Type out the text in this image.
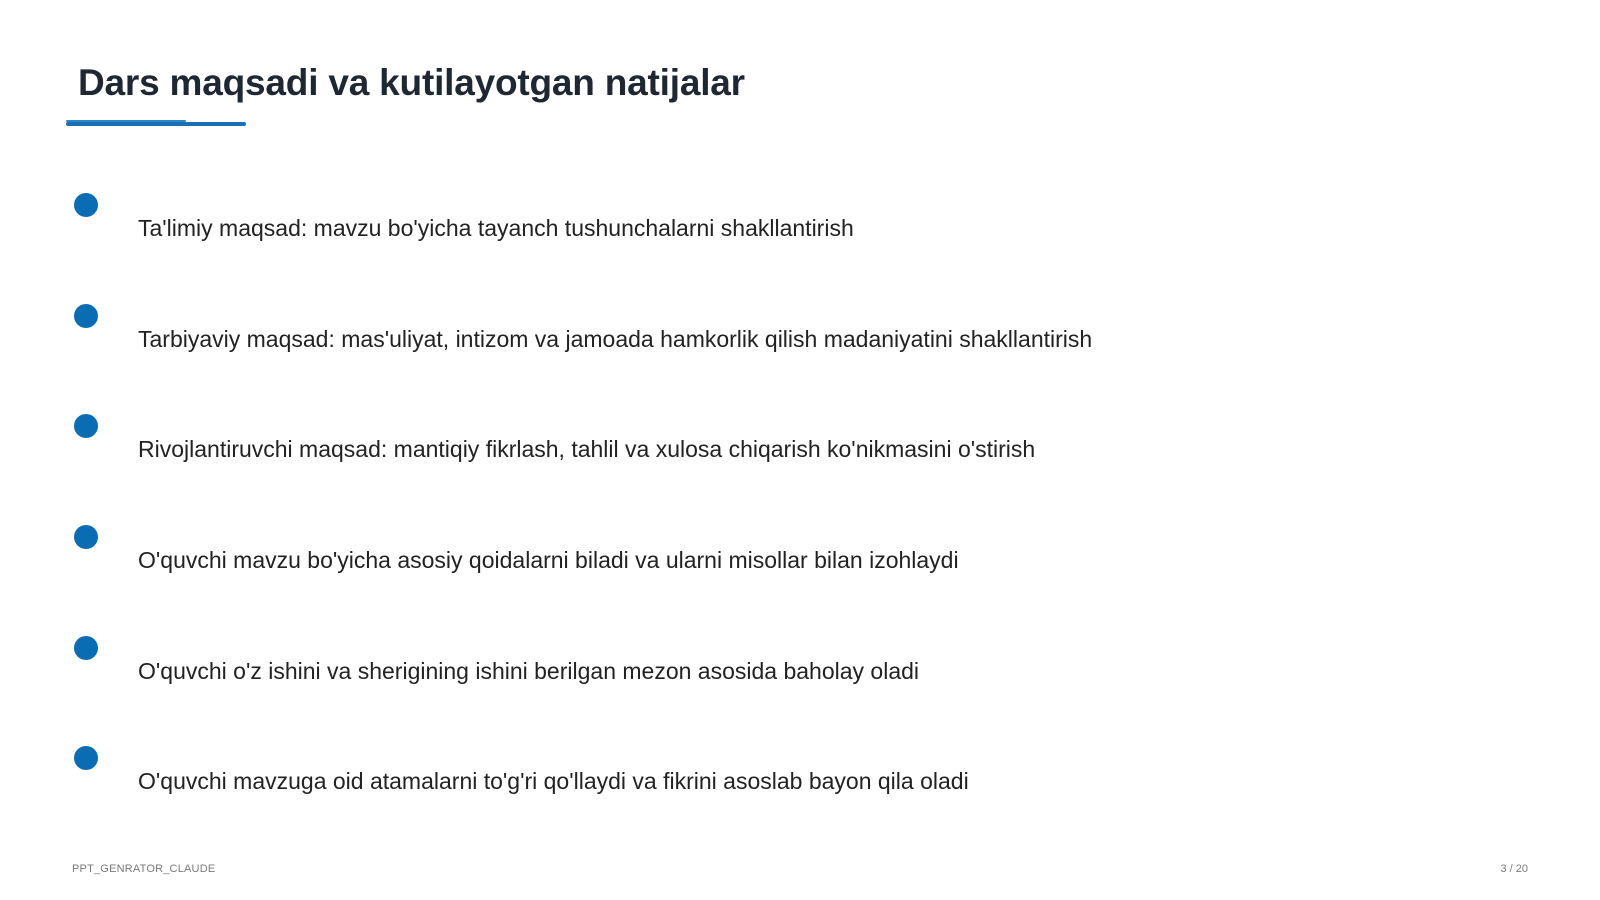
Dars maqsadi va kutilayotgan natijalar
Ta'limiy maqsad: mavzu bo'yicha tayanch tushunchalarni shakllantirish
Tarbiyaviy maqsad: mas'uliyat, intizom va jamoada hamkorlik qilish madaniyatini shakllantirish
Rivojlantiruvchi maqsad: mantiqiy fikrlash, tahlil va xulosa chiqarish ko'nikmasini o'stirish
O'quvchi mavzu bo'yicha asosiy qoidalarni biladi va ularni misollar bilan izohlaydi
O'quvchi o'z ishini va sherigining ishini berilgan mezon asosida baholay oladi
O'quvchi mavzuga oid atamalarni to'g'ri qo'llaydi va fikrini asoslab bayon qila oladi
PPT_GENRATOR_CLAUDE	3 / 20
